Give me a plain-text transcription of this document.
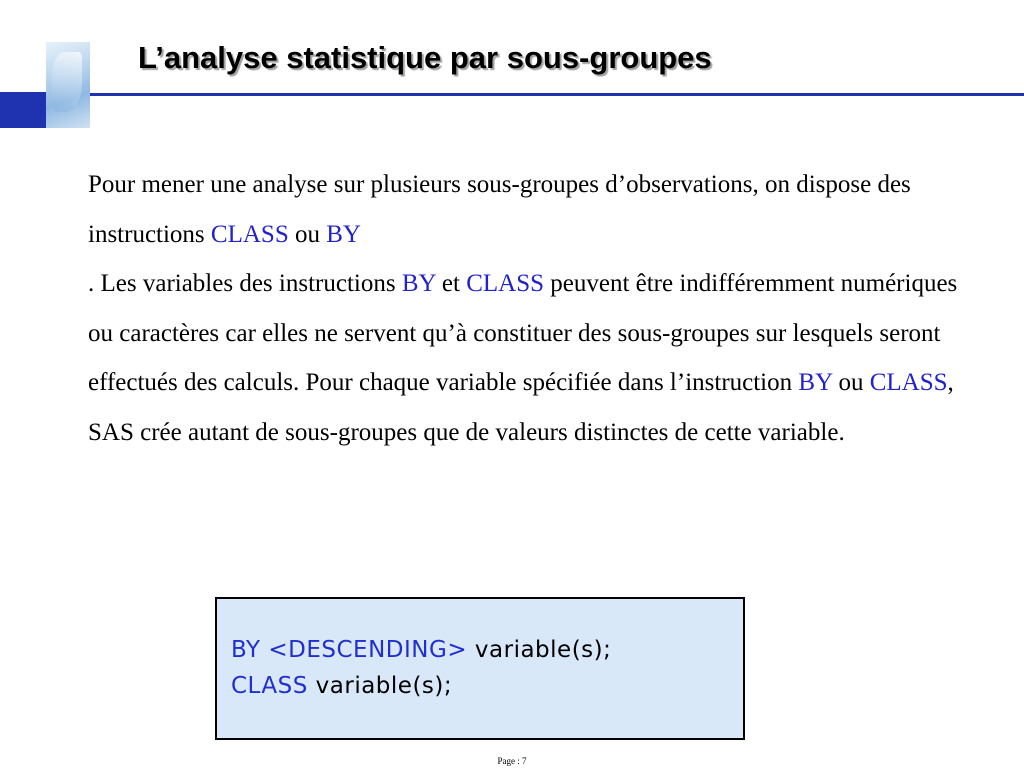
L’analyse statistique par sous-groupes

Pour mener une analyse sur plusieurs sous-groupes d’observations, on dispose des instructions CLASS ou BY
. Les variables des instructions BY et CLASS peuvent être indifféremment numériques ou caractères car elles ne servent qu’à constituer des sous-groupes sur lesquels seront effectués des calculs. Pour chaque variable spécifiée dans l’instruction BY ou CLASS, SAS crée autant de sous-groupes que de valeurs distinctes de cette variable.

BY <DESCENDING> variable(s);
CLASS variable(s);
Page : 7
